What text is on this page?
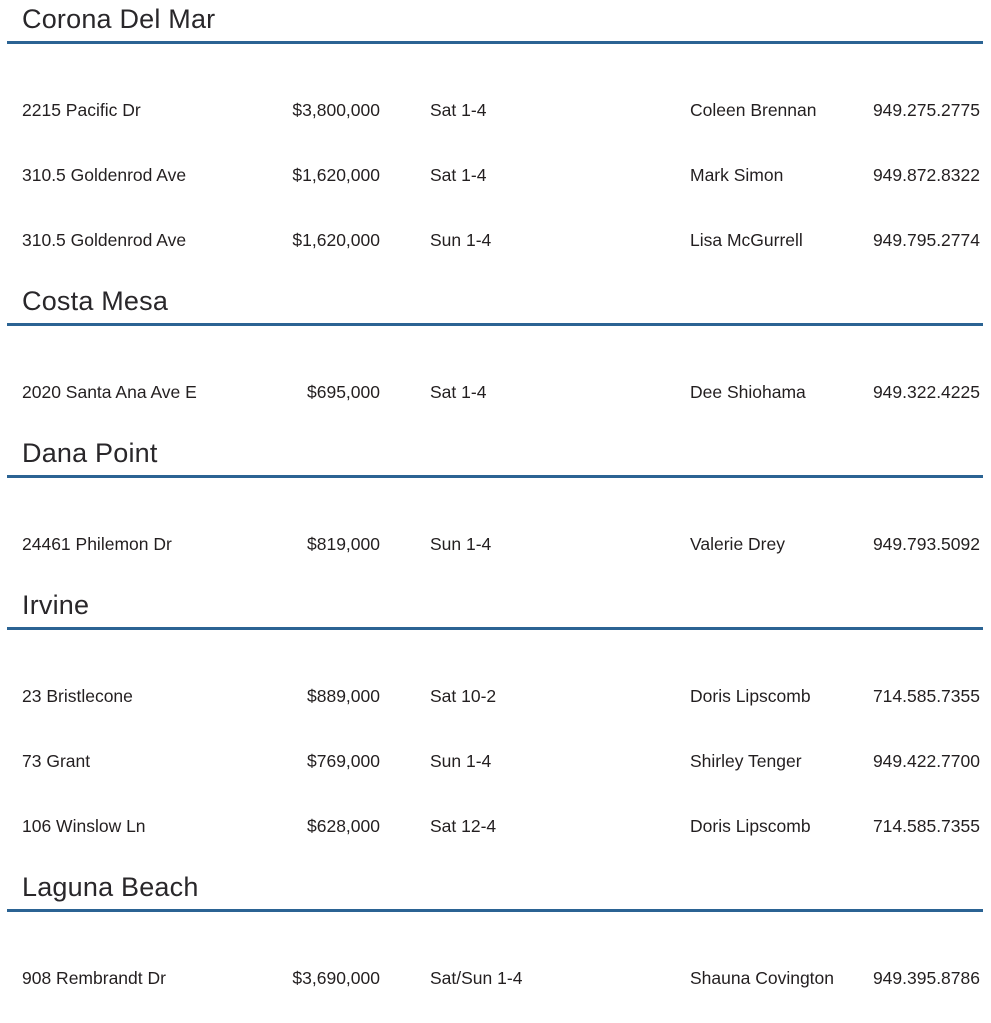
Corona Del Mar
2215 Pacific Dr	$3,800,000	Sat 1-4	Coleen Brennan	949.275.2775
310.5 Goldenrod Ave	$1,620,000	Sat 1-4	Mark Simon	949.872.8322
310.5 Goldenrod Ave	$1,620,000	Sun 1-4	Lisa McGurrell	949.795.2774
Costa Mesa
2020 Santa Ana Ave E	$695,000	Sat 1-4	Dee Shiohama	949.322.4225
Dana Point
24461 Philemon Dr	$819,000	Sun 1-4	Valerie Drey	949.793.5092
Irvine
23 Bristlecone	$889,000	Sat 10-2	Doris Lipscomb	714.585.7355
73 Grant	$769,000	Sun 1-4	Shirley Tenger	949.422.7700
106 Winslow Ln	$628,000	Sat 12-4	Doris Lipscomb	714.585.7355
Laguna Beach
908 Rembrandt Dr	$3,690,000	Sat/Sun 1-4	Shauna Covington	949.395.8786
